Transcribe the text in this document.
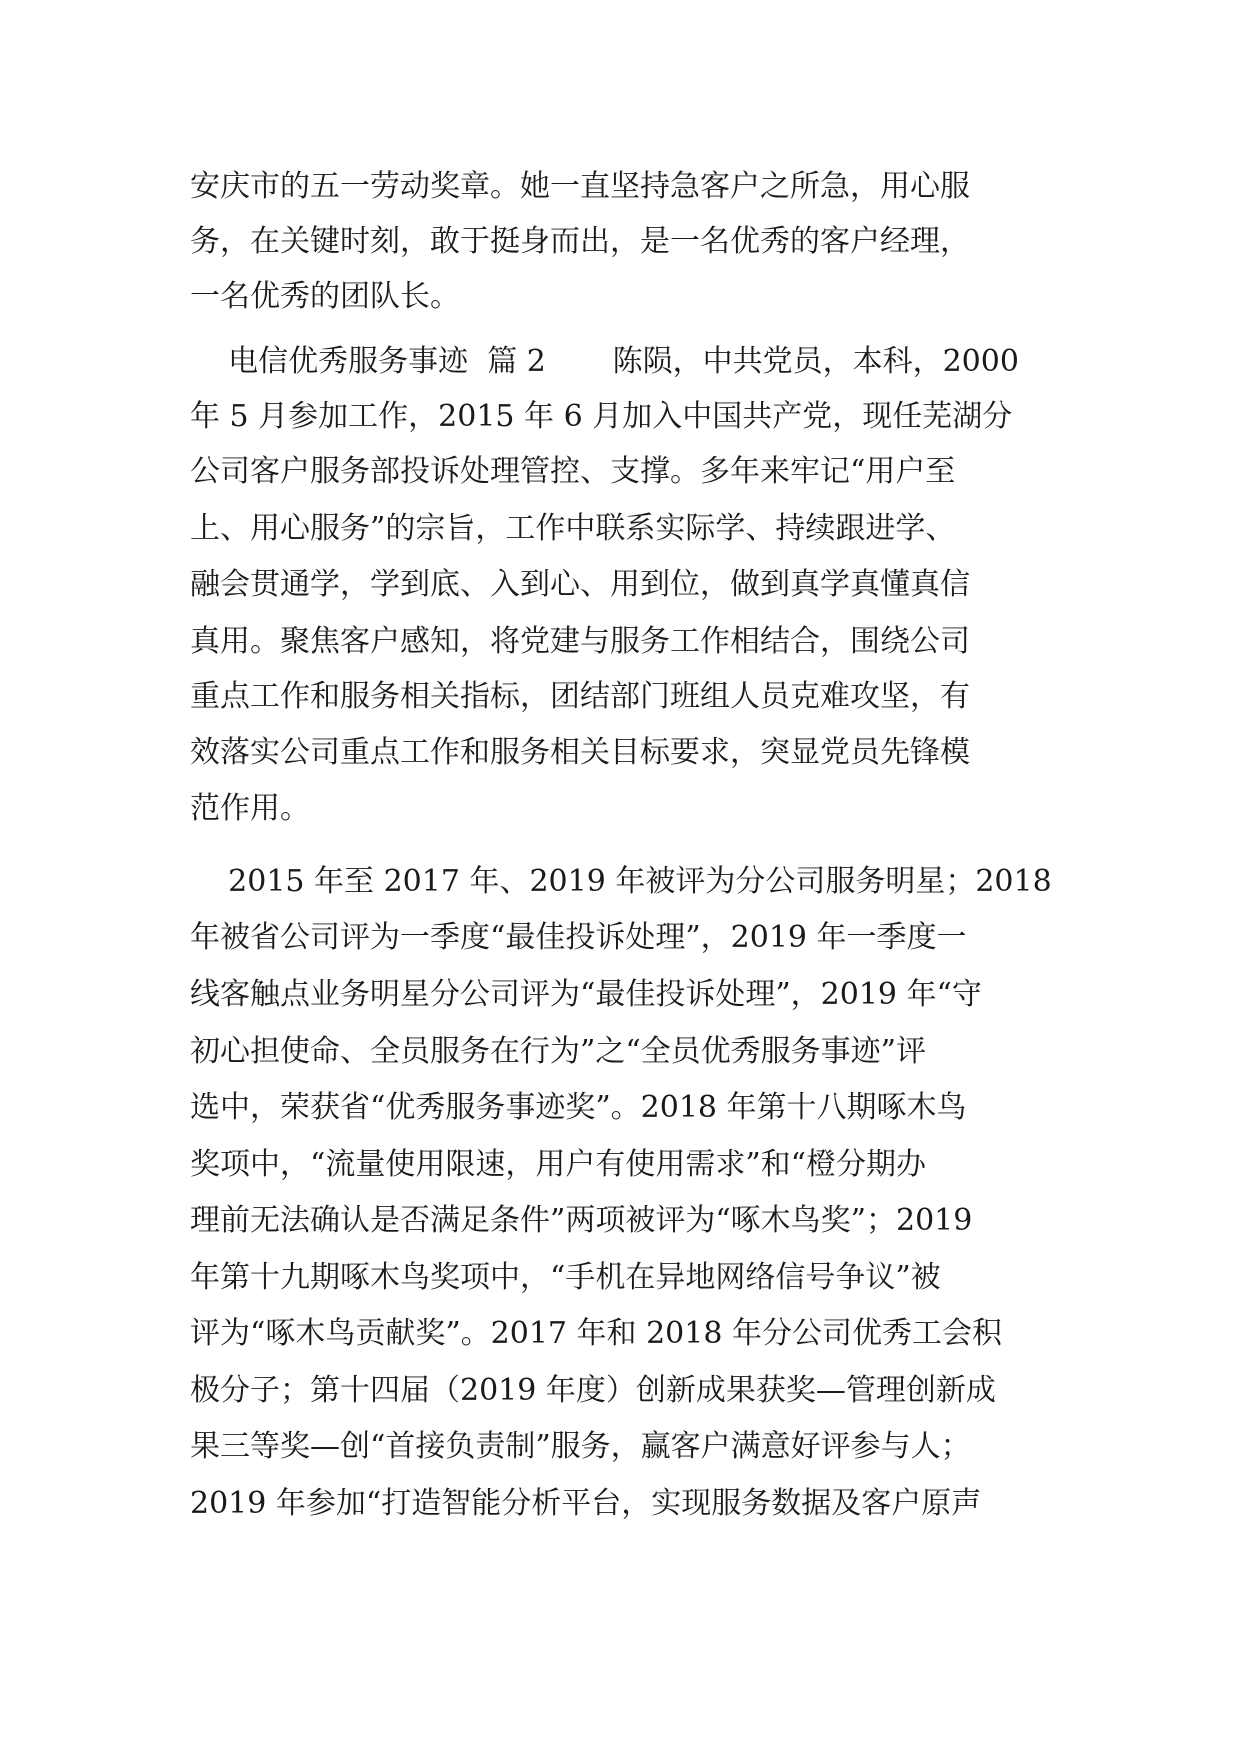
安庆市的五一劳动奖章。她一直坚持急客户之所急，用心服
务，在关键时刻，敢于挺身而出，是一名优秀的客户经理，
一名优秀的团队长。
电信优秀服务事迹  篇 2       陈陨，中共党员，本科，2000
年 5 月参加工作，2015 年 6 月加入中国共产党，现任芜湖分
公司客户服务部投诉处理管控、支撑。多年来牢记“用户至
上、用心服务”的宗旨，工作中联系实际学、持续跟进学、
融会贯通学，学到底、入到心、用到位，做到真学真懂真信
真用。聚焦客户感知，将党建与服务工作相结合，围绕公司
重点工作和服务相关指标，团结部门班组人员克难攻坚，有
效落实公司重点工作和服务相关目标要求，突显党员先锋模
范作用。
2015 年至 2017 年、2019 年被评为分公司服务明星；2018
年被省公司评为一季度“最佳投诉处理”，2019 年一季度一
线客触点业务明星分公司评为“最佳投诉处理”，2019 年“守
初心担使命、全员服务在行为”之“全员优秀服务事迹”评
选中，荣获省“优秀服务事迹奖”。2018 年第十八期啄木鸟
奖项中，“流量使用限速，用户有使用需求”和“橙分期办
理前无法确认是否满足条件”两项被评为“啄木鸟奖”；2019
年第十九期啄木鸟奖项中，“手机在异地网络信号争议”被
评为“啄木鸟贡献奖”。2017 年和 2018 年分公司优秀工会积
极分子；第十四届（2019 年度）创新成果获奖—管理创新成
果三等奖—创“首接负责制”服务，赢客户满意好评参与人；
2019 年参加“打造智能分析平台，实现服务数据及客户原声
